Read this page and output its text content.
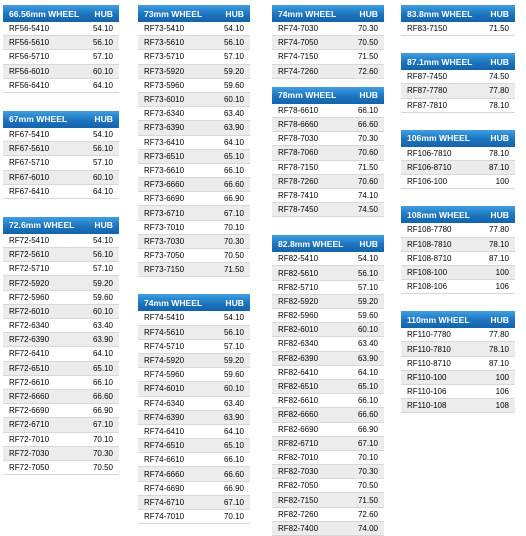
66.56mm WHEEL HUB
RF56-5410	54.10
RF56-5610	56.10
RF56-5710	57.10
RF56-6010	60.10
RF56-6410	64.10
67mm WHEEL	HUB
RF67-5410	54.10
RF67-5610	56.10
RF67-5710	57.10
RF67-6010	60.10
RF67-6410	64.10
72.6mm WHEEL HUB
RF72-5410	54.10
RF72-5610	56.10
RF72-5710	57.10
RF72-5920	59.20
RF72-5960	59.60
RF72-6010	60.10
RF72-6340	63.40
RF72-6390	63.90
RF72-6410	64.10
RF72-6510	65.10
RF72-6610	66.10
RF72-6660	66.60
RF72-6690	66.90
RF72-6710	67.10
RF72-7010	70.10
RF72-7030	70.30
RF72-7050	70.50
73mm WHEEL	HUB
RF73-5410	54.10
RF73-5610	56.10
RF73-5710	57.10
RF73-5920	59.20
RF73-5960	59.60
RF73-6010	60.10
RF73-6340	63.40
RF73-6390	63.90
RF73-6410	64.10
RF73-6510	65.10
RF73-6610	66.10
RF73-6660	66.60
RF73-6690	66.90
RF73-6710	67.10
RF73-7010	70.10
RF73-7030	70.30
RF73-7050	70.50
RF73-7150	71.50
74mm WHEEL	HUB
RF74-5410	54.10
RF74-5610	56.10
RF74-5710	57.10
RF74-5920	59.20
RF74-5960	59.60
RF74-6010	60.10
RF74-6340	63.40
RF74-6390	63.90
RF74-6410	64.10
RF74-6510	65.10
RF74-6610	66.10
RF74-6660	66.60
RF74-6690	66.90
RF74-6710	67.10
RF74-7010	70.10
74mm WHEEL	HUB
RF74-7030	70.30
RF74-7050	70.50
RF74-7150	71.50
RF74-7260	72.60
78mm WHEEL	HUB
RF78-6610	66.10
RF78-6660	66.60
RF78-7030	70.30
RF78-7060	70.60
RF78-7150	71.50
RF78-7260	70.60
RF78-7410	74.10
RF78-7450	74.50
82.8mm WHEEL HUB
RF82-5410	54.10
RF82-5610	56.10
RF82-5710	57.10
RF82-5920	59.20
RF82-5960	59.60
RF82-6010	60.10
RF82-6340	63.40
RF82-6390	63.90
RF82-6410	64.10
RF82-6510	65.10
RF82-6610	66.10
RF82-6660	66.60
RF82-6690	66.90
RF82-6710	67.10
RF82-7010	70.10
RF82-7030	70.30
RF82-7050	70.50
RF82-7150	71.50
RF82-7260	72.60
RF82-7400	74.00
83.8mm WHEEL HUB
RF83-7150	71.50
87.1mm WHEEL HUB
RF87-7450	74.50
RF87-7780	77.80
RF87-7810	78.10
106mm WHEEL HUB
RF106-7810	78.10
RF106-8710	87.10
RF106-100	100
108mm WHEEL HUB
RF108-7780	77.80
RF108-7810	78.10
RF108-8710	87.10
RF108-100	100
RF108-106	106
110mm WHEEL HUB
RF110-7780	77.80
RF110-7810	78.10
RF110-8710	87.10
RF110-100	100
RF110-106	106
RF110-108	108
